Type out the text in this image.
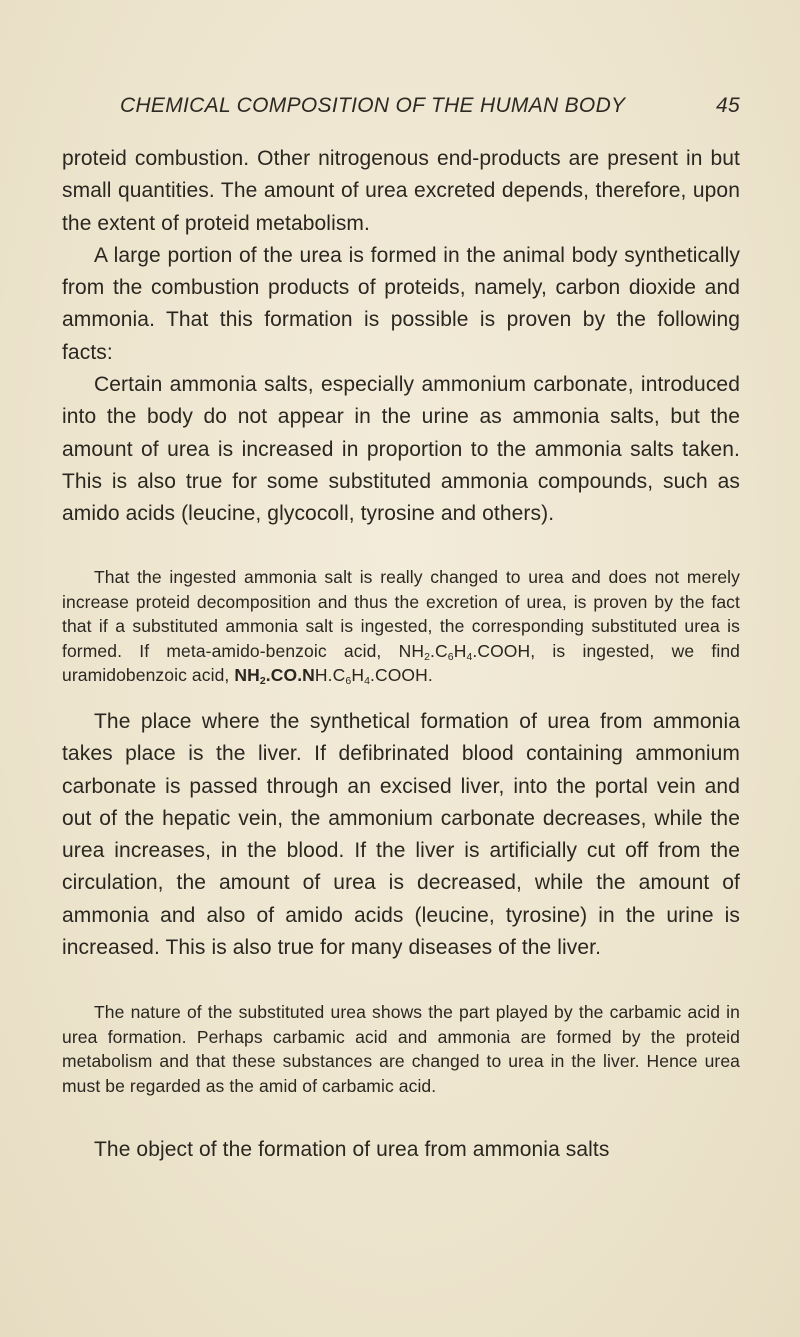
CHEMICAL COMPOSITION OF THE HUMAN BODY	45

proteid combustion. Other nitrogenous end-products are present in but small quantities. The amount of urea excreted depends, therefore, upon the extent of proteid metabolism.

A large portion of the urea is formed in the animal body synthetically from the combustion products of proteids, namely, carbon dioxide and ammonia. That this formation is possible is proven by the following facts:

Certain ammonia salts, especially ammonium carbonate, introduced into the body do not appear in the urine as ammonia salts, but the amount of urea is increased in proportion to the ammonia salts taken. This is also true for some substituted ammonia compounds, such as amido acids (leucine, glycocoll, tyrosine and others).

That the ingested ammonia salt is really changed to urea and does not merely increase proteid decomposition and thus the excretion of urea, is proven by the fact that if a substituted ammonia salt is ingested, the corresponding substituted urea is formed. If meta-amido-benzoic acid, $NH_2.C_6H_4.COOH$, is ingested, we find uramidobenzoic acid, $NH_2.CO.NH.C_6H_4.COOH$.

The place where the synthetical formation of urea from ammonia takes place is the liver. If defibrinated blood containing ammonium carbonate is passed through an excised liver, into the portal vein and out of the hepatic vein, the ammonium carbonate decreases, while the urea increases, in the blood. If the liver is artificially cut off from the circulation, the amount of urea is decreased, while the amount of ammonia and also of amido acids (leucine, tyrosine) in the urine is increased. This is also true for many diseases of the liver.

The nature of the substituted urea shows the part played by the carbamic acid in urea formation. Perhaps carbamic acid and ammonia are formed by the proteid metabolism and that these substances are changed to urea in the liver. Hence urea must be regarded as the amid of carbamic acid.

The object of the formation of urea from ammonia salts
